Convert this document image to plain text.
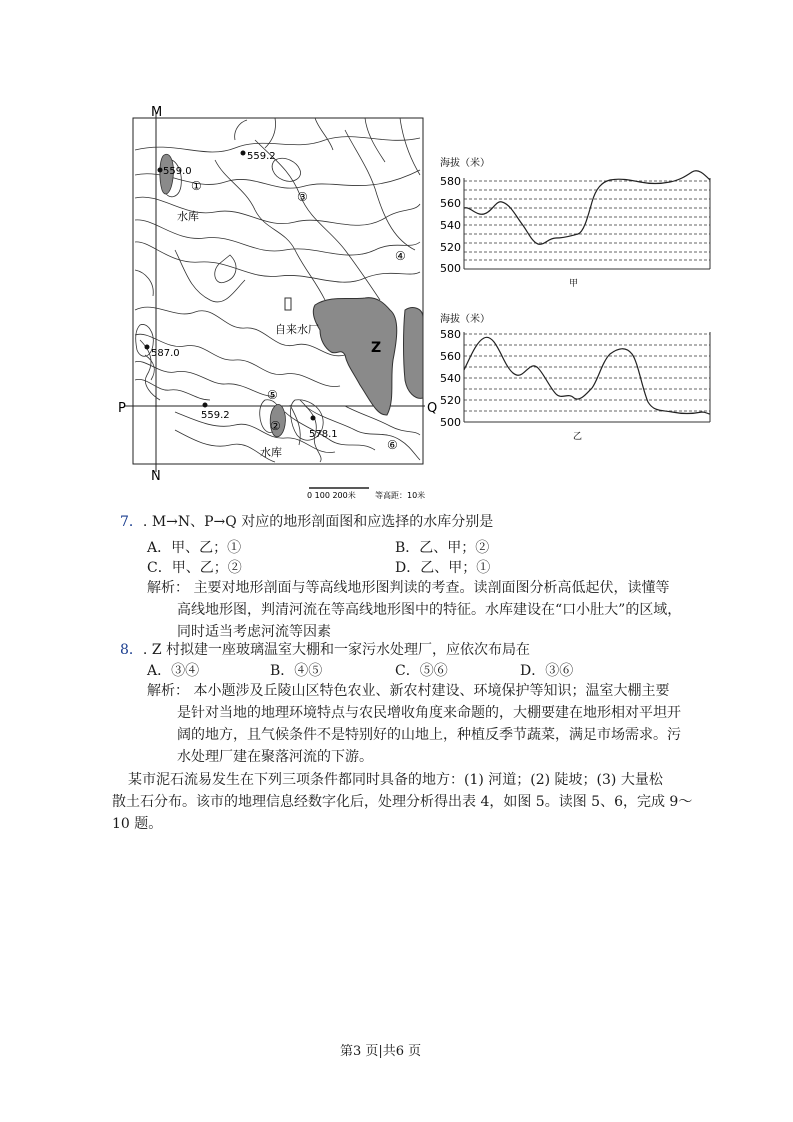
M
N
P	Q
559.0
559.2
587.0
559.2
578.1
①
②
③
④
⑤
⑥
水库
水库
自来水厂
Z
0 100 200米 等高距：10米
海拔（米）
580
560
540
520
500
甲
海拔（米）
580
560
540
520
500
乙
7．. M→N、P→Q 对应的地形剖面图和应选择的水库分别是
A．甲、乙；①	B．乙、甲；②
C．甲、乙；②	D．乙、甲；①
解析： 主要对地形剖面与等高线地形图判读的考查。读剖面图分析高低起伏，读懂等
高线地形图，判清河流在等高线地形图中的特征。水库建设在“口小肚大”的区域，
同时适当考虑河流等因素
8．. Z 村拟建一座玻璃温室大棚和一家污水处理厂，应依次布局在
A．③④	B．④⑤	C．⑤⑥	D．③⑥
解析： 本小题涉及丘陵山区特色农业、新农村建设、环境保护等知识；温室大棚主要
是针对当地的地理环境特点与农民增收角度来命题的，大棚要建在地形相对平坦开
阔的地方，且气候条件不是特别好的山地上，种植反季节蔬菜，满足市场需求。污
水处理厂建在聚落河流的下游。
某市泥石流易发生在下列三项条件都同时具备的地方：(1) 河道；(2) 陡坡；(3) 大量松
散土石分布。该市的地理信息经数字化后，处理分析得出表 4，如图 5。读图 5、6，完成 9～
10 题。
第3 页|共6 页
